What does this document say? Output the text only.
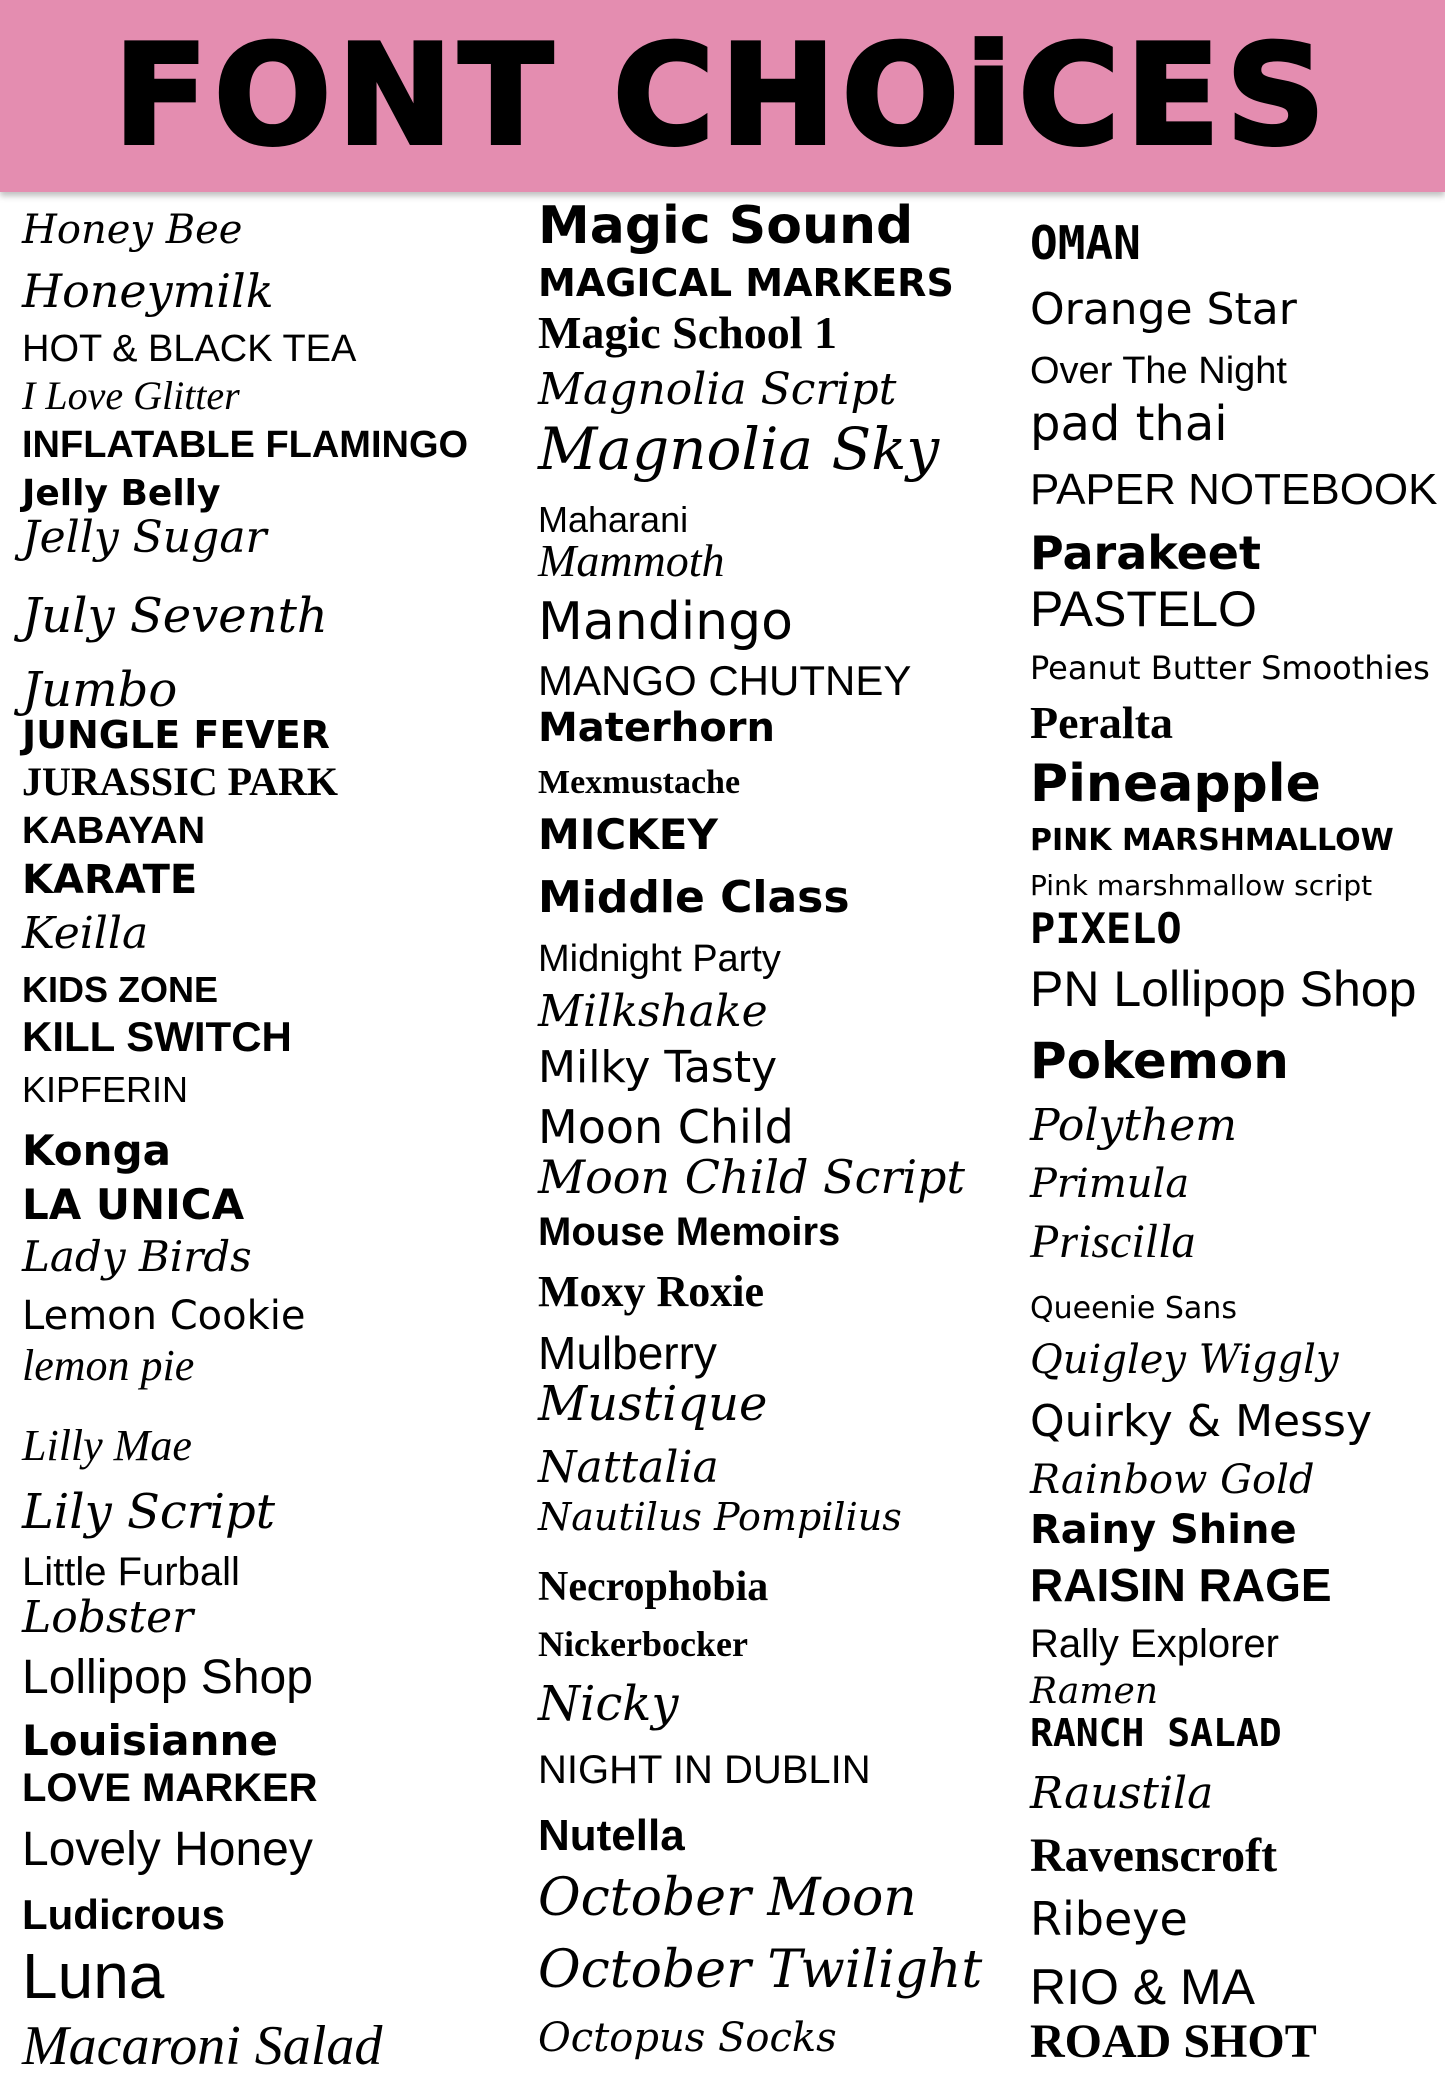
FONT CHOiCES
Honey Bee
Honeymilk
HOT & BLACK TEA
I Love Glitter
INFLATABLE FLAMINGO
Jelly Belly
Jelly Sugar
July Seventh
Jumbo
JUNGLE FEVER
JURASSIC PARK
KABAYAN
KARATE
Keilla
KIDS ZONE
KILL SWITCH
KIPFERIN
Konga
LA UNICA
Lady Birds
Lemon Cookie
lemon pie
Lilly Mae
Lily Script
Little Furball
Lobster
Lollipop Shop
Louisianne
LOVE MARKER
Lovely Honey
Ludicrous
Luna
Macaroni Salad
Magic Sound
MAGICAL MARKERS
Magic School 1
Magnolia Script
Magnolia Sky
Maharani
Mammoth
Mandingo
MANGO CHUTNEY
Materhorn
Mexmustache
MICKEY
Middle Class
Midnight Party
Milkshake
Milky Tasty
Moon Child
Moon Child Script
Mouse Memoirs
Moxy Roxie
Mulberry
Mustique
Nattalia
Nautilus Pompilius
Necrophobia
Nickerbocker
Nicky
NIGHT IN DUBLIN
Nutella
October Moon
October Twilight
Octopus Socks
OMAN
Orange Star
Over The Night
pad thai
PAPER NOTEBOOK
Parakeet
PASTELO
Peanut Butter Smoothies
Peralta
Pineapple
PINK MARSHMALLOW
Pink marshmallow script
PIXELO
PN Lollipop Shop
Pokemon
Polythem
Primula
Priscilla
Queenie Sans
Quigley Wiggly
Quirky & Messy
Rainbow Gold
Rainy Shine
RAISIN RAGE
Rally Explorer
Ramen
RANCH SALAD
Raustila
Ravenscroft
Ribeye
RIO & MA
ROAD SHOT
